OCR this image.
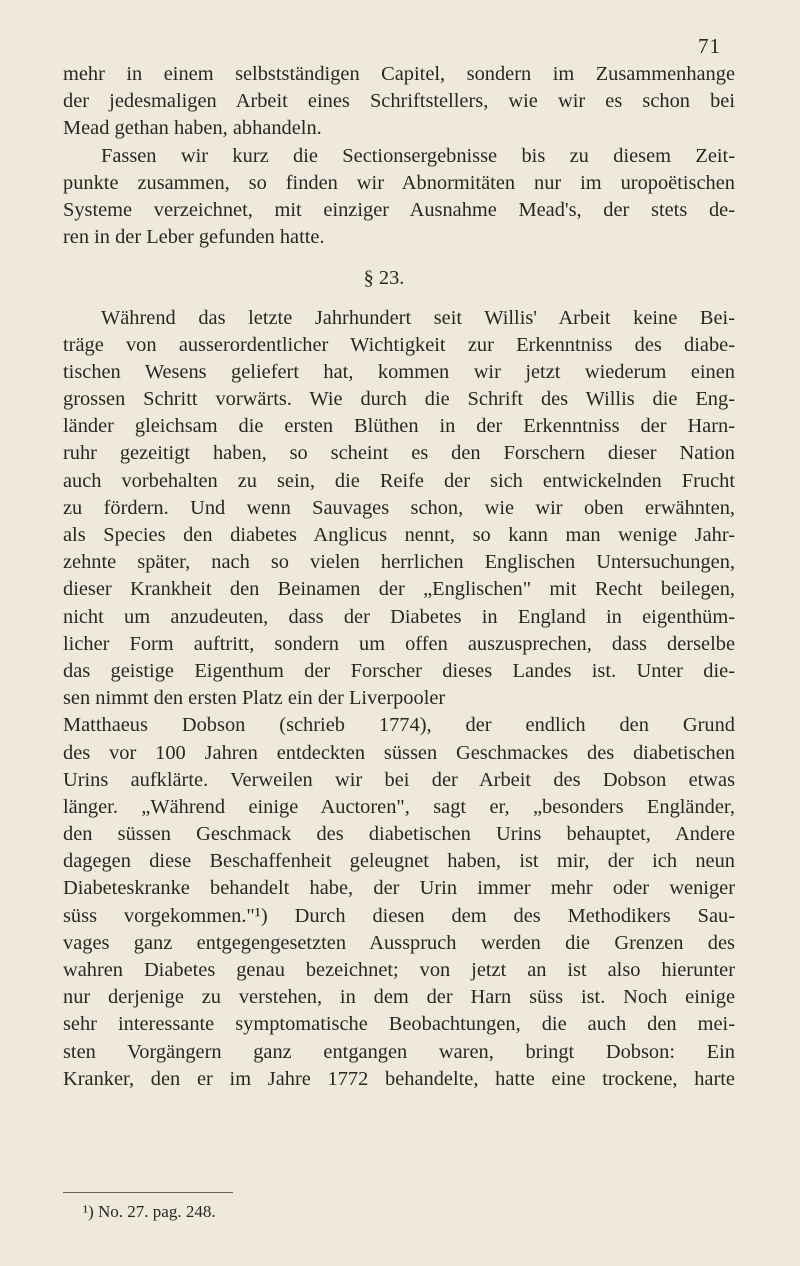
71
mehr in einem selbstständigen Capitel, sondern im Zusammenhange
der jedesmaligen Arbeit eines Schriftstellers, wie wir es schon bei
Mead gethan haben, abhandeln.
Fassen wir kurz die Sectionsergebnisse bis zu diesem Zeit-
punkte zusammen, so finden wir Abnormitäten nur im uropoëtischen
Systeme verzeichnet, mit einziger Ausnahme Mead's, der stets de-
ren in der Leber gefunden hatte.
§ 23.
Während das letzte Jahrhundert seit Willis' Arbeit keine Bei-
träge von ausserordentlicher Wichtigkeit zur Erkenntniss des diabe-
tischen Wesens geliefert hat, kommen wir jetzt wiederum einen
grossen Schritt vorwärts. Wie durch die Schrift des Willis die Eng-
länder gleichsam die ersten Blüthen in der Erkenntniss der Harn-
ruhr gezeitigt haben, so scheint es den Forschern dieser Nation
auch vorbehalten zu sein, die Reife der sich entwickelnden Frucht
zu fördern. Und wenn Sauvages schon, wie wir oben erwähnten,
als Species den diabetes Anglicus nennt, so kann man wenige Jahr-
zehnte später, nach so vielen herrlichen Englischen Untersuchungen,
dieser Krankheit den Beinamen der „Englischen" mit Recht beilegen,
nicht um anzudeuten, dass der Diabetes in England in eigenthüm-
licher Form auftritt, sondern um offen auszusprechen, dass derselbe
das geistige Eigenthum der Forscher dieses Landes ist. Unter die-
sen nimmt den ersten Platz ein der Liverpooler
Matthaeus Dobson (schrieb 1774), der endlich den Grund
des vor 100 Jahren entdeckten süssen Geschmackes des diabetischen
Urins aufklärte. Verweilen wir bei der Arbeit des Dobson etwas
länger. „Während einige Auctoren", sagt er, „besonders Engländer,
den süssen Geschmack des diabetischen Urins behauptet, Andere
dagegen diese Beschaffenheit geleugnet haben, ist mir, der ich neun
Diabeteskranke behandelt habe, der Urin immer mehr oder weniger
süss vorgekommen."¹) Durch diesen dem des Methodikers Sau-
vages ganz entgegengesetzten Ausspruch werden die Grenzen des
wahren Diabetes genau bezeichnet; von jetzt an ist also hierunter
nur derjenige zu verstehen, in dem der Harn süss ist. Noch einige
sehr interessante symptomatische Beobachtungen, die auch den mei-
sten Vorgängern ganz entgangen waren, bringt Dobson: Ein
Kranker, den er im Jahre 1772 behandelte, hatte eine trockene, harte
¹) No. 27. pag. 248.
